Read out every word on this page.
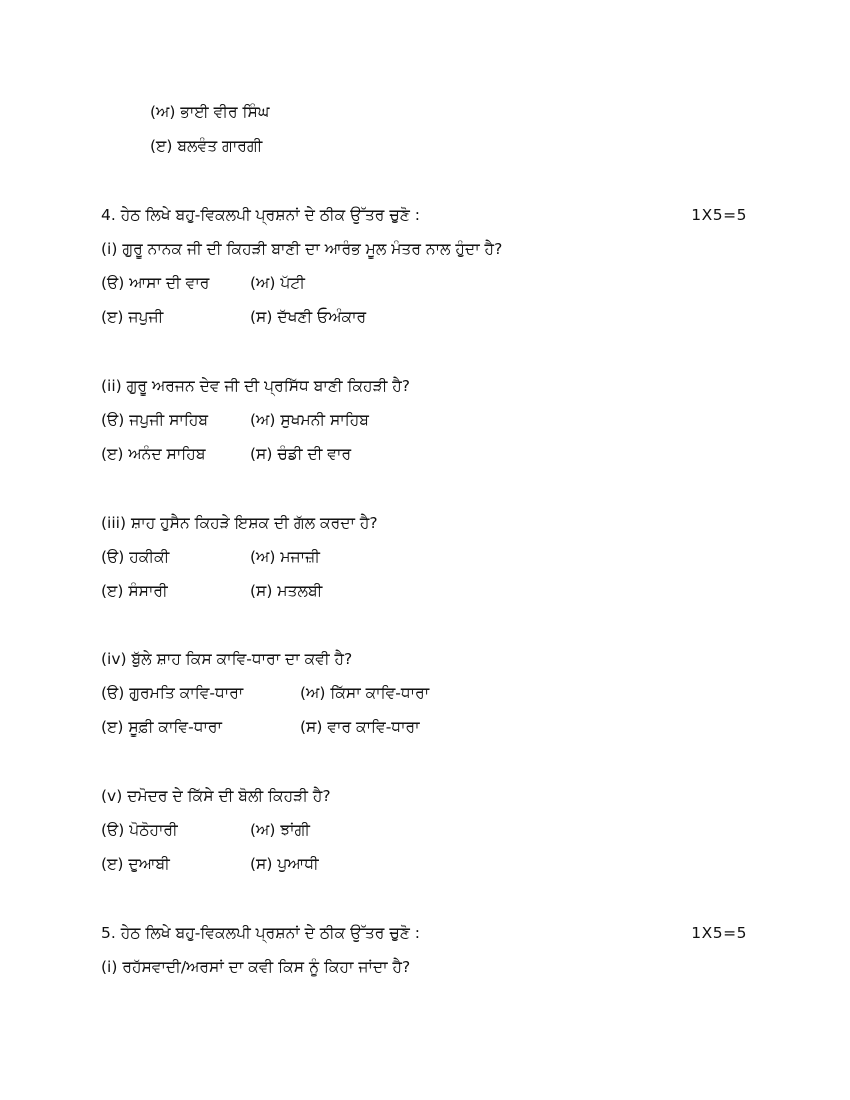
(ਅ) ਭਾਈ ਵੀਰ ਸਿੰਘ
(ੲ) ਬਲਵੰਤ ਗਾਰਗੀ
4. ਹੇਠ ਲਿਖੇ ਬਹੁ-ਵਿਕਲਪੀ ਪ੍ਰਸ਼ਨਾਂ ਦੇ ਠੀਕ ਉੱਤਰ ਚੁਣੋ :	1X5=5
(i) ਗੁਰੂ ਨਾਨਕ ਜੀ ਦੀ ਕਿਹੜੀ ਬਾਣੀ ਦਾ ਆਰੰਭ ਮੂਲ ਮੰਤਰ ਨਾਲ ਹੁੰਦਾ ਹੈ?
(ੳ) ਆਸਾ ਦੀ ਵਾਰ	(ਅ) ਪੱਟੀ
(ੲ) ਜਪੁਜੀ	(ਸ) ਦੱਖਣੀ ਓਅੰਕਾਰ
(ii) ਗੁਰੂ ਅਰਜਨ ਦੇਵ ਜੀ ਦੀ ਪ੍ਰਸਿੱਧ ਬਾਣੀ ਕਿਹੜੀ ਹੈ?
(ੳ) ਜਪੁਜੀ ਸਾਹਿਬ	(ਅ) ਸੁਖਮਨੀ ਸਾਹਿਬ
(ੲ) ਅਨੰਦ ਸਾਹਿਬ	(ਸ) ਚੰਡੀ ਦੀ ਵਾਰ
(iii) ਸ਼ਾਹ ਹੁਸੈਨ ਕਿਹੜੇ ਇਸ਼ਕ ਦੀ ਗੱਲ ਕਰਦਾ ਹੈ?
(ੳ) ਹਕੀਕੀ	(ਅ) ਮਜਾਜ਼ੀ
(ੲ) ਸੰਸਾਰੀ	(ਸ) ਮਤਲਬੀ
(iv) ਬੁੱਲੇ ਸ਼ਾਹ ਕਿਸ ਕਾਵਿ-ਧਾਰਾ ਦਾ ਕਵੀ ਹੈ?
(ੳ) ਗੁਰਮਤਿ ਕਾਵਿ-ਧਾਰਾ	(ਅ) ਕਿੱਸਾ ਕਾਵਿ-ਧਾਰਾ
(ੲ) ਸੂਫ਼ੀ ਕਾਵਿ-ਧਾਰਾ	(ਸ) ਵਾਰ ਕਾਵਿ-ਧਾਰਾ
(v) ਦਮੋਦਰ ਦੇ ਕਿੱਸੇ ਦੀ ਬੋਲੀ ਕਿਹੜੀ ਹੈ?
(ੳ) ਪੋਠੋਹਾਰੀ	(ਅ) ਝਾਂਗੀ
(ੲ) ਦੁਆਬੀ	(ਸ) ਪੁਆਧੀ
5. ਹੇਠ ਲਿਖੇ ਬਹੁ-ਵਿਕਲਪੀ ਪ੍ਰਸ਼ਨਾਂ ਦੇ ਠੀਕ ਉੱਤਰ ਚੁਣੋ :	1X5=5
(i) ਰਹੱਸਵਾਦੀ/ਅਰਸਾਂ ਦਾ ਕਵੀ ਕਿਸ ਨੂੰ ਕਿਹਾ ਜਾਂਦਾ ਹੈ?
